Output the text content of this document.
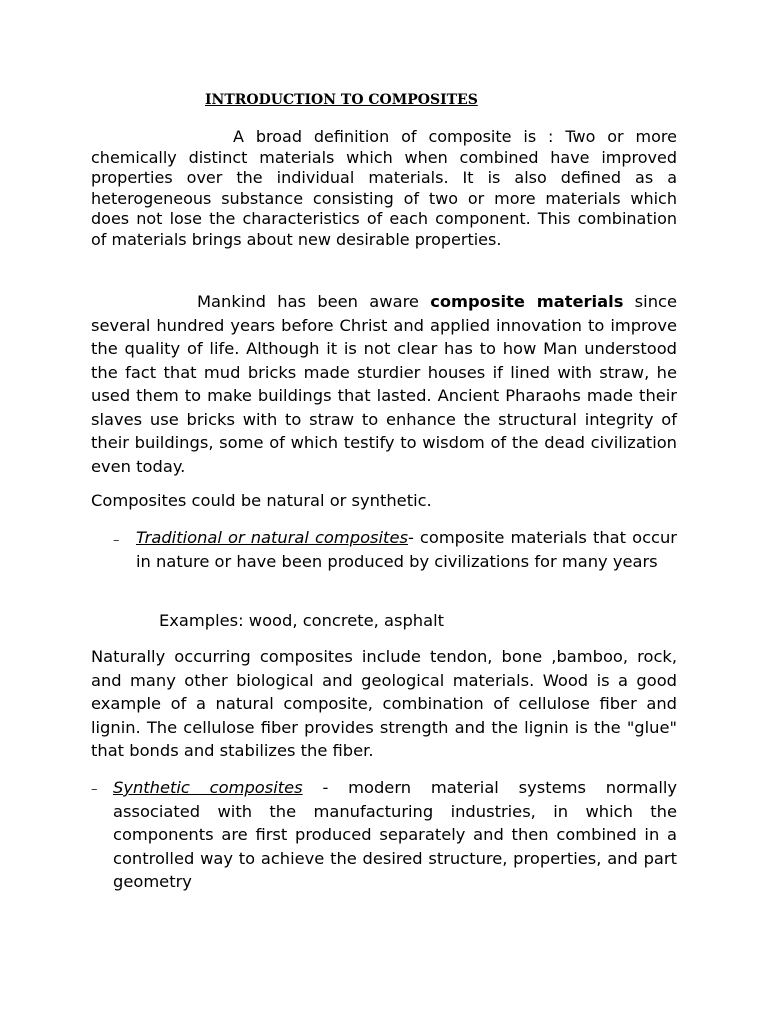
INTRODUCTION TO COMPOSITES
A broad definition of composite is : Two or more chemically distinct materials which when combined have improved properties over the individual materials. It is also defined as a heterogeneous substance consisting of two or more materials which does not lose the characteristics of each component. This combination of materials brings about new desirable properties.
Mankind has been aware composite materials since several hundred years before Christ and applied innovation to improve the quality of life. Although it is not clear has to how Man understood the fact that mud bricks made sturdier houses if lined with straw, he used them to make buildings that lasted. Ancient Pharaohs made their slaves use bricks with to straw to enhance the structural integrity of their buildings, some of which testify to wisdom of the dead civilization even today.
Composites could be natural or synthetic.
– Traditional or natural composites- composite materials that occur in nature or have been produced by civilizations for many years
Examples: wood, concrete, asphalt
Naturally occurring composites include tendon, bone ,bamboo, rock, and many other biological and geological materials. Wood is a good example of a natural composite, combination of cellulose fiber and lignin. The cellulose fiber provides strength and the lignin is the "glue" that bonds and stabilizes the fiber.
– Synthetic composites - modern material systems normally associated with the manufacturing industries, in which the components are first produced separately and then combined in a controlled way to achieve the desired structure, properties, and part geometry
